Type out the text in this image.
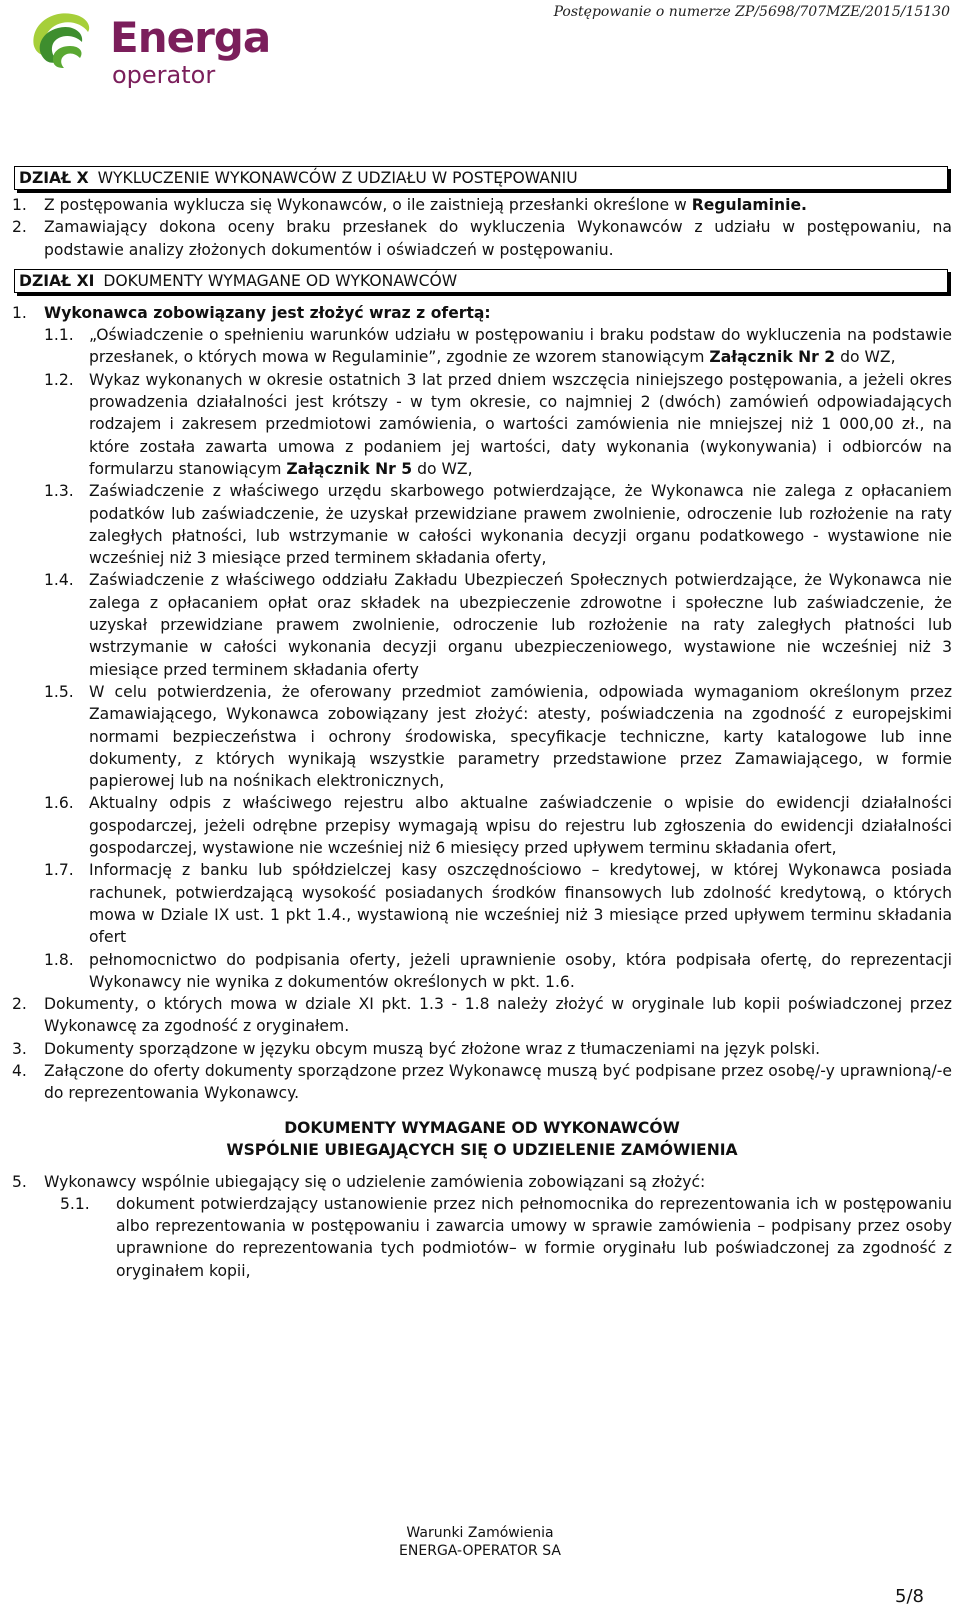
Energa
operator
Postępowanie o numerze ZP/5698/707MZE/2015/15130
DZIAŁ X WYKLUCZENIE WYKONAWCÓW Z UDZIAŁU W POSTĘPOWANIU
1.	Z postępowania wyklucza się Wykonawców, o ile zaistnieją przesłanki określone w Regulaminie.
2.	Zamawiający dokona oceny braku przesłanek do wykluczenia Wykonawców z udziału w postępowaniu, na podstawie analizy złożonych dokumentów i oświadczeń w postępowaniu.
DZIAŁ XI DOKUMENTY WYMAGANE OD WYKONAWCÓW
1.	Wykonawca zobowiązany jest złożyć wraz z ofertą:
1.1. „Oświadczenie o spełnieniu warunków udziału w postępowaniu i braku podstaw do wykluczenia na podstawie przesłanek, o których mowa w Regulaminie”, zgodnie ze wzorem stanowiącym Załącznik Nr 2 do WZ,
1.2. Wykaz wykonanych w okresie ostatnich 3 lat przed dniem wszczęcia niniejszego postępowania, a jeżeli okres prowadzenia działalności jest krótszy - w tym okresie, co najmniej 2 (dwóch) zamówień odpowiadających rodzajem i zakresem przedmiotowi zamówienia, o wartości zamówienia nie mniejszej niż 1 000,00 zł., na które została zawarta umowa z podaniem jej wartości, daty wykonania (wykonywania) i odbiorców na formularzu stanowiącym Załącznik Nr 5 do WZ,
1.3. Zaświadczenie z właściwego urzędu skarbowego potwierdzające, że Wykonawca nie zalega z opłacaniem podatków lub zaświadczenie, że uzyskał przewidziane prawem zwolnienie, odroczenie lub rozłożenie na raty zaległych płatności, lub wstrzymanie w całości wykonania decyzji organu podatkowego - wystawione nie wcześniej niż 3 miesiące przed terminem składania oferty,
1.4. Zaświadczenie z właściwego oddziału Zakładu Ubezpieczeń Społecznych potwierdzające, że Wykonawca nie zalega z opłacaniem opłat oraz składek na ubezpieczenie zdrowotne i społeczne lub zaświadczenie, że uzyskał przewidziane prawem zwolnienie, odroczenie lub rozłożenie na raty zaległych płatności lub wstrzymanie w całości wykonania decyzji organu ubezpieczeniowego, wystawione nie wcześniej niż 3 miesiące przed terminem składania oferty
1.5. W celu potwierdzenia, że oferowany przedmiot zamówienia, odpowiada wymaganiom określonym przez Zamawiającego, Wykonawca zobowiązany jest złożyć: atesty, poświadczenia na zgodność z europejskimi normami bezpieczeństwa i ochrony środowiska, specyfikacje techniczne, karty katalogowe lub inne dokumenty, z których wynikają wszystkie parametry przedstawione przez Zamawiającego, w formie papierowej lub na nośnikach elektronicznych,
1.6. Aktualny odpis z właściwego rejestru albo aktualne zaświadczenie o wpisie do ewidencji działalności gospodarczej, jeżeli odrębne przepisy wymagają wpisu do rejestru lub zgłoszenia do ewidencji działalności gospodarczej, wystawione nie wcześniej niż 6 miesięcy przed upływem terminu składania ofert,
1.7. Informację z banku lub spółdzielczej kasy oszczędnościowo – kredytowej, w której Wykonawca posiada rachunek, potwierdzającą wysokość posiadanych środków finansowych lub zdolność kredytową, o których mowa w Dziale IX ust. 1 pkt 1.4., wystawioną nie wcześniej niż 3 miesiące przed upływem terminu składania ofert
1.8. pełnomocnictwo do podpisania oferty, jeżeli uprawnienie osoby, która podpisała ofertę, do reprezentacji Wykonawcy nie wynika z dokumentów określonych w pkt. 1.6.
2.	Dokumenty, o których mowa w dziale XI pkt. 1.3 - 1.8 należy złożyć w oryginale lub kopii poświadczonej przez Wykonawcę za zgodność z oryginałem.
3.	Dokumenty sporządzone w języku obcym muszą być złożone wraz z tłumaczeniami na język polski.
4.	Załączone do oferty dokumenty sporządzone przez Wykonawcę muszą być podpisane przez osobę/-y uprawnioną/-e do reprezentowania Wykonawcy.
DOKUMENTY WYMAGANE OD WYKONAWCÓW
WSPÓLNIE UBIEGAJĄCYCH SIĘ O UDZIELENIE ZAMÓWIENIA
5.	Wykonawcy wspólnie ubiegający się o udzielenie zamówienia zobowiązani są złożyć:
5.1.	dokument potwierdzający ustanowienie przez nich pełnomocnika do reprezentowania ich w postępowaniu albo reprezentowania w postępowaniu i zawarcia umowy w sprawie zamówienia – podpisany przez osoby uprawnione do reprezentowania tych podmiotów– w formie oryginału lub poświadczonej za zgodność z oryginałem kopii,
Warunki Zamówienia
ENERGA-OPERATOR SA
5/8
